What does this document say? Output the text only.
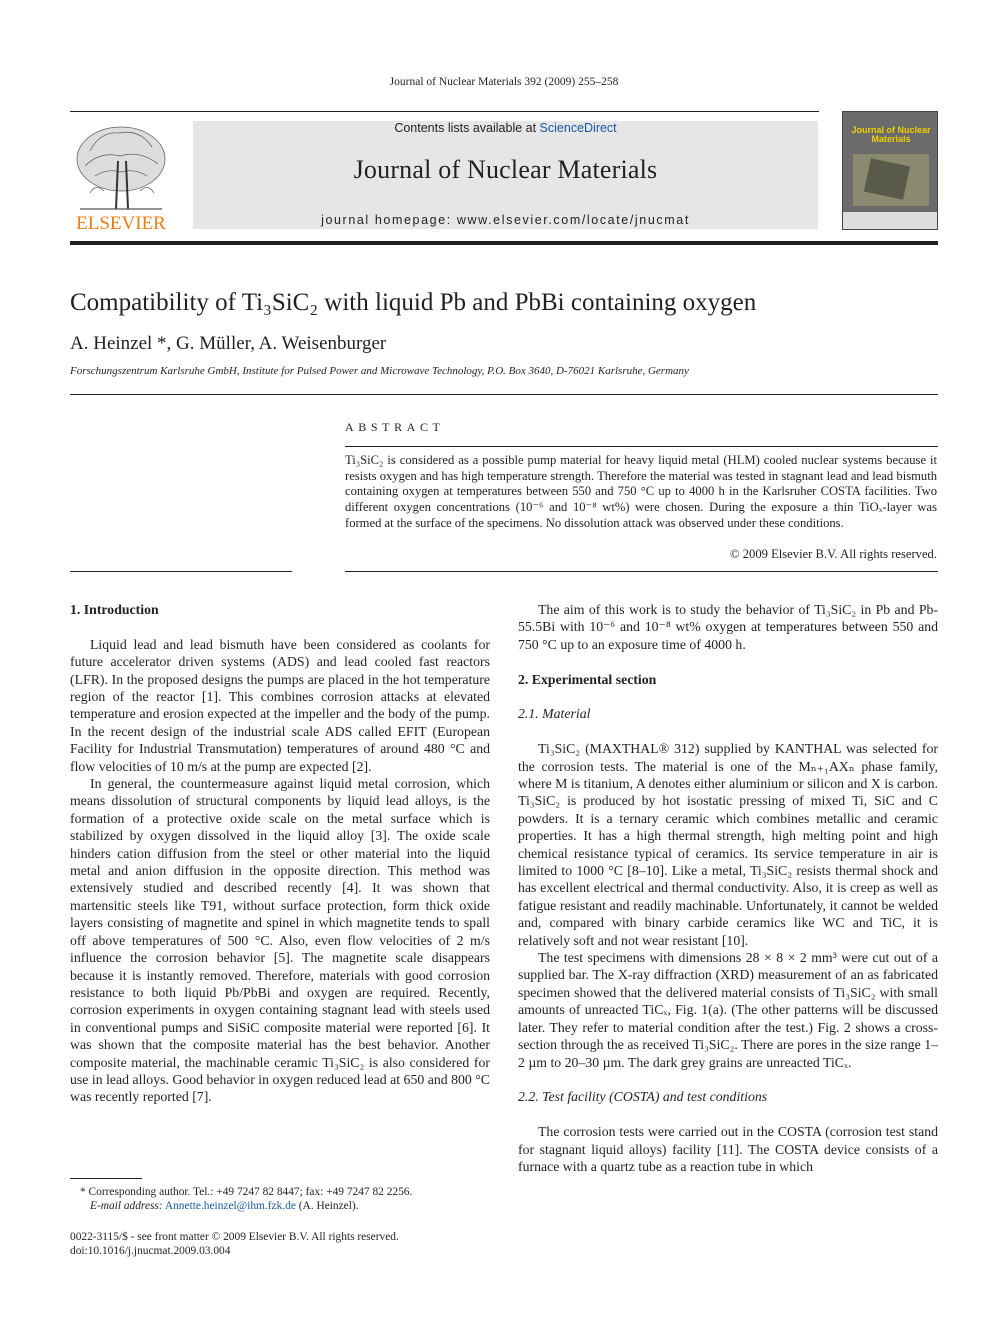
Journal of Nuclear Materials 392 (2009) 255–258
ELSEVIER
Contents lists available at ScienceDirect
Journal of Nuclear Materials
journal homepage: www.elsevier.com/locate/jnucmat
Journal of Nuclear Materials
Compatibility of Ti₃SiC₂ with liquid Pb and PbBi containing oxygen
A. Heinzel *, G. Müller, A. Weisenburger
Forschungszentrum Karlsruhe GmbH, Institute for Pulsed Power and Microwave Technology, P.O. Box 3640, D-76021 Karlsruhe, Germany
ABSTRACT
Ti₃SiC₂ is considered as a possible pump material for heavy liquid metal (HLM) cooled nuclear systems because it resists oxygen and has high temperature strength. Therefore the material was tested in stagnant lead and lead bismuth containing oxygen at temperatures between 550 and 750 °C up to 4000 h in the Karlsruher COSTA facilities. Two different oxygen concentrations (10⁻⁶ and 10⁻⁸ wt%) were chosen. During the exposure a thin TiOₓ-layer was formed at the surface of the specimens. No dissolution attack was observed under these conditions.
© 2009 Elsevier B.V. All rights reserved.

1. Introduction

Liquid lead and lead bismuth have been considered as coolants for future accelerator driven systems (ADS) and lead cooled fast reactors (LFR). In the proposed designs the pumps are placed in the hot temperature region of the reactor [1]. This combines corrosion attacks at elevated temperature and erosion expected at the impeller and the body of the pump. In the recent design of the industrial scale ADS called EFIT (European Facility for Industrial Transmutation) temperatures of around 480 °C and flow velocities of 10 m/s at the pump are expected [2].

In general, the countermeasure against liquid metal corrosion, which means dissolution of structural components by liquid lead alloys, is the formation of a protective oxide scale on the metal surface which is stabilized by oxygen dissolved in the liquid alloy [3]. The oxide scale hinders cation diffusion from the steel or other material into the liquid metal and anion diffusion in the opposite direction. This method was extensively studied and described recently [4]. It was shown that martensitic steels like T91, without surface protection, form thick oxide layers consisting of magnetite and spinel in which magnetite tends to spall off above temperatures of 500 °C. Also, even flow velocities of 2 m/s influence the corrosion behavior [5]. The magnetite scale disappears because it is instantly removed. Therefore, materials with good corrosion resistance to both liquid Pb/PbBi and oxygen are required. Recently, corrosion experiments in oxygen containing stagnant lead with steels used in conventional pumps and SiSiC composite material were reported [6]. It was shown that the composite material has the best behavior. Another composite material, the machinable ceramic Ti₃SiC₂ is also considered for use in lead alloys. Good behavior in oxygen reduced lead at 650 and 800 °C was recently reported [7].

The aim of this work is to study the behavior of Ti₃SiC₂ in Pb and Pb-55.5Bi with 10⁻⁶ and 10⁻⁸ wt% oxygen at temperatures between 550 and 750 °C up to an exposure time of 4000 h.

2. Experimental section

2.1. Material

Ti₃SiC₂ (MAXTHAL® 312) supplied by KANTHAL was selected for the corrosion tests. The material is one of the Mₙ₊₁AXₙ phase family, where M is titanium, A denotes either aluminium or silicon and X is carbon. Ti₃SiC₂ is produced by hot isostatic pressing of mixed Ti, SiC and C powders. It is a ternary ceramic which combines metallic and ceramic properties. It has a high thermal strength, high melting point and high chemical resistance typical of ceramics. Its service temperature in air is limited to 1000 °C [8–10]. Like a metal, Ti₃SiC₂ resists thermal shock and has excellent electrical and thermal conductivity. Also, it is creep as well as fatigue resistant and readily machinable. Unfortunately, it cannot be welded and, compared with binary carbide ceramics like WC and TiC, it is relatively soft and not wear resistant [10].

The test specimens with dimensions 28 × 8 × 2 mm³ were cut out of a supplied bar. The X-ray diffraction (XRD) measurement of an as fabricated specimen showed that the delivered material consists of Ti₃SiC₂ with small amounts of unreacted TiCₓ, Fig. 1(a). (The other patterns will be discussed later. They refer to material condition after the test.) Fig. 2 shows a cross-section through the as received Ti₃SiC₂. There are pores in the size range 1–2 µm to 20–30 µm. The dark grey grains are unreacted TiCₓ.

2.2. Test facility (COSTA) and test conditions

The corrosion tests were carried out in the COSTA (corrosion test stand for stagnant liquid alloys) facility [11]. The COSTA device consists of a furnace with a quartz tube as a reaction tube in which

* Corresponding author. Tel.: +49 7247 82 8447; fax: +49 7247 82 2256.
E-mail address: Annette.heinzel@ihm.fzk.de (A. Heinzel).
0022-3115/$ - see front matter © 2009 Elsevier B.V. All rights reserved.
doi:10.1016/j.jnucmat.2009.03.004
